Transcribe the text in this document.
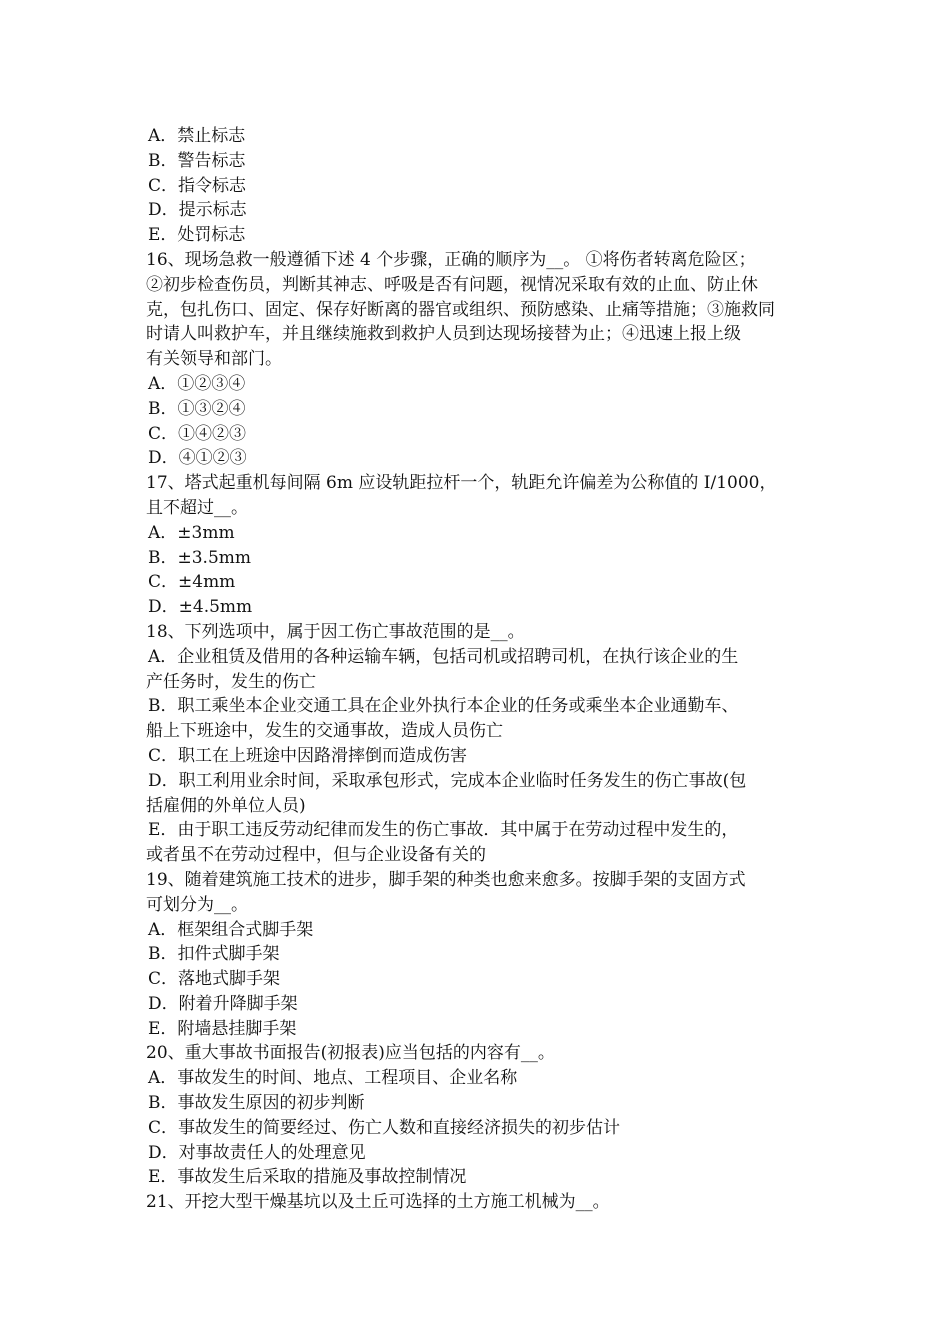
A．禁止标志

B．警告标志

C．指令标志

D．提示标志

E．处罚标志

16、现场急救一般遵循下述 4 个步骤，正确的顺序为__。 ①将伤者转离危险区；

②初步检查伤员，判断其神志、呼吸是否有问题，视情况采取有效的止血、防止休

克，包扎伤口、固定、保存好断离的器官或组织、预防感染、止痛等措施；③施救同

时请人叫救护车，并且继续施救到救护人员到达现场接替为止；④迅速上报上级

有关领导和部门。

A．①②③④

B．①③②④

C．①④②③

D．④①②③

17、塔式起重机每间隔 6m 应设轨距拉杆一个，轨距允许偏差为公称值的 I/1000，

且不超过__。

A．±3mm

B．±3.5mm

C．±4mm

D．±4.5mm

18、下列选项中，属于因工伤亡事故范围的是__。

A．企业租赁及借用的各种运输车辆，包括司机或招聘司机，在执行该企业的生

产任务时，发生的伤亡

B．职工乘坐本企业交通工具在企业外执行本企业的任务或乘坐本企业通勤车、

船上下班途中，发生的交通事故，造成人员伤亡

C．职工在上班途中因路滑摔倒而造成伤害

D．职工利用业余时间，采取承包形式，完成本企业临时任务发生的伤亡事故(包

括雇佣的外单位人员)

E．由于职工违反劳动纪律而发生的伤亡事故．其中属于在劳动过程中发生的，

或者虽不在劳动过程中，但与企业设备有关的

19、随着建筑施工技术的进步，脚手架的种类也愈来愈多。按脚手架的支固方式

可划分为__。

A．框架组合式脚手架

B．扣件式脚手架

C．落地式脚手架

D．附着升降脚手架

E．附墙悬挂脚手架

20、重大事故书面报告(初报表)应当包括的内容有__。

A．事故发生的时间、地点、工程项目、企业名称

B．事故发生原因的初步判断

C．事故发生的简要经过、伤亡人数和直接经济损失的初步估计

D．对事故责任人的处理意见

E．事故发生后采取的措施及事故控制情况

21、开挖大型干燥基坑以及土丘可选择的土方施工机械为__。
